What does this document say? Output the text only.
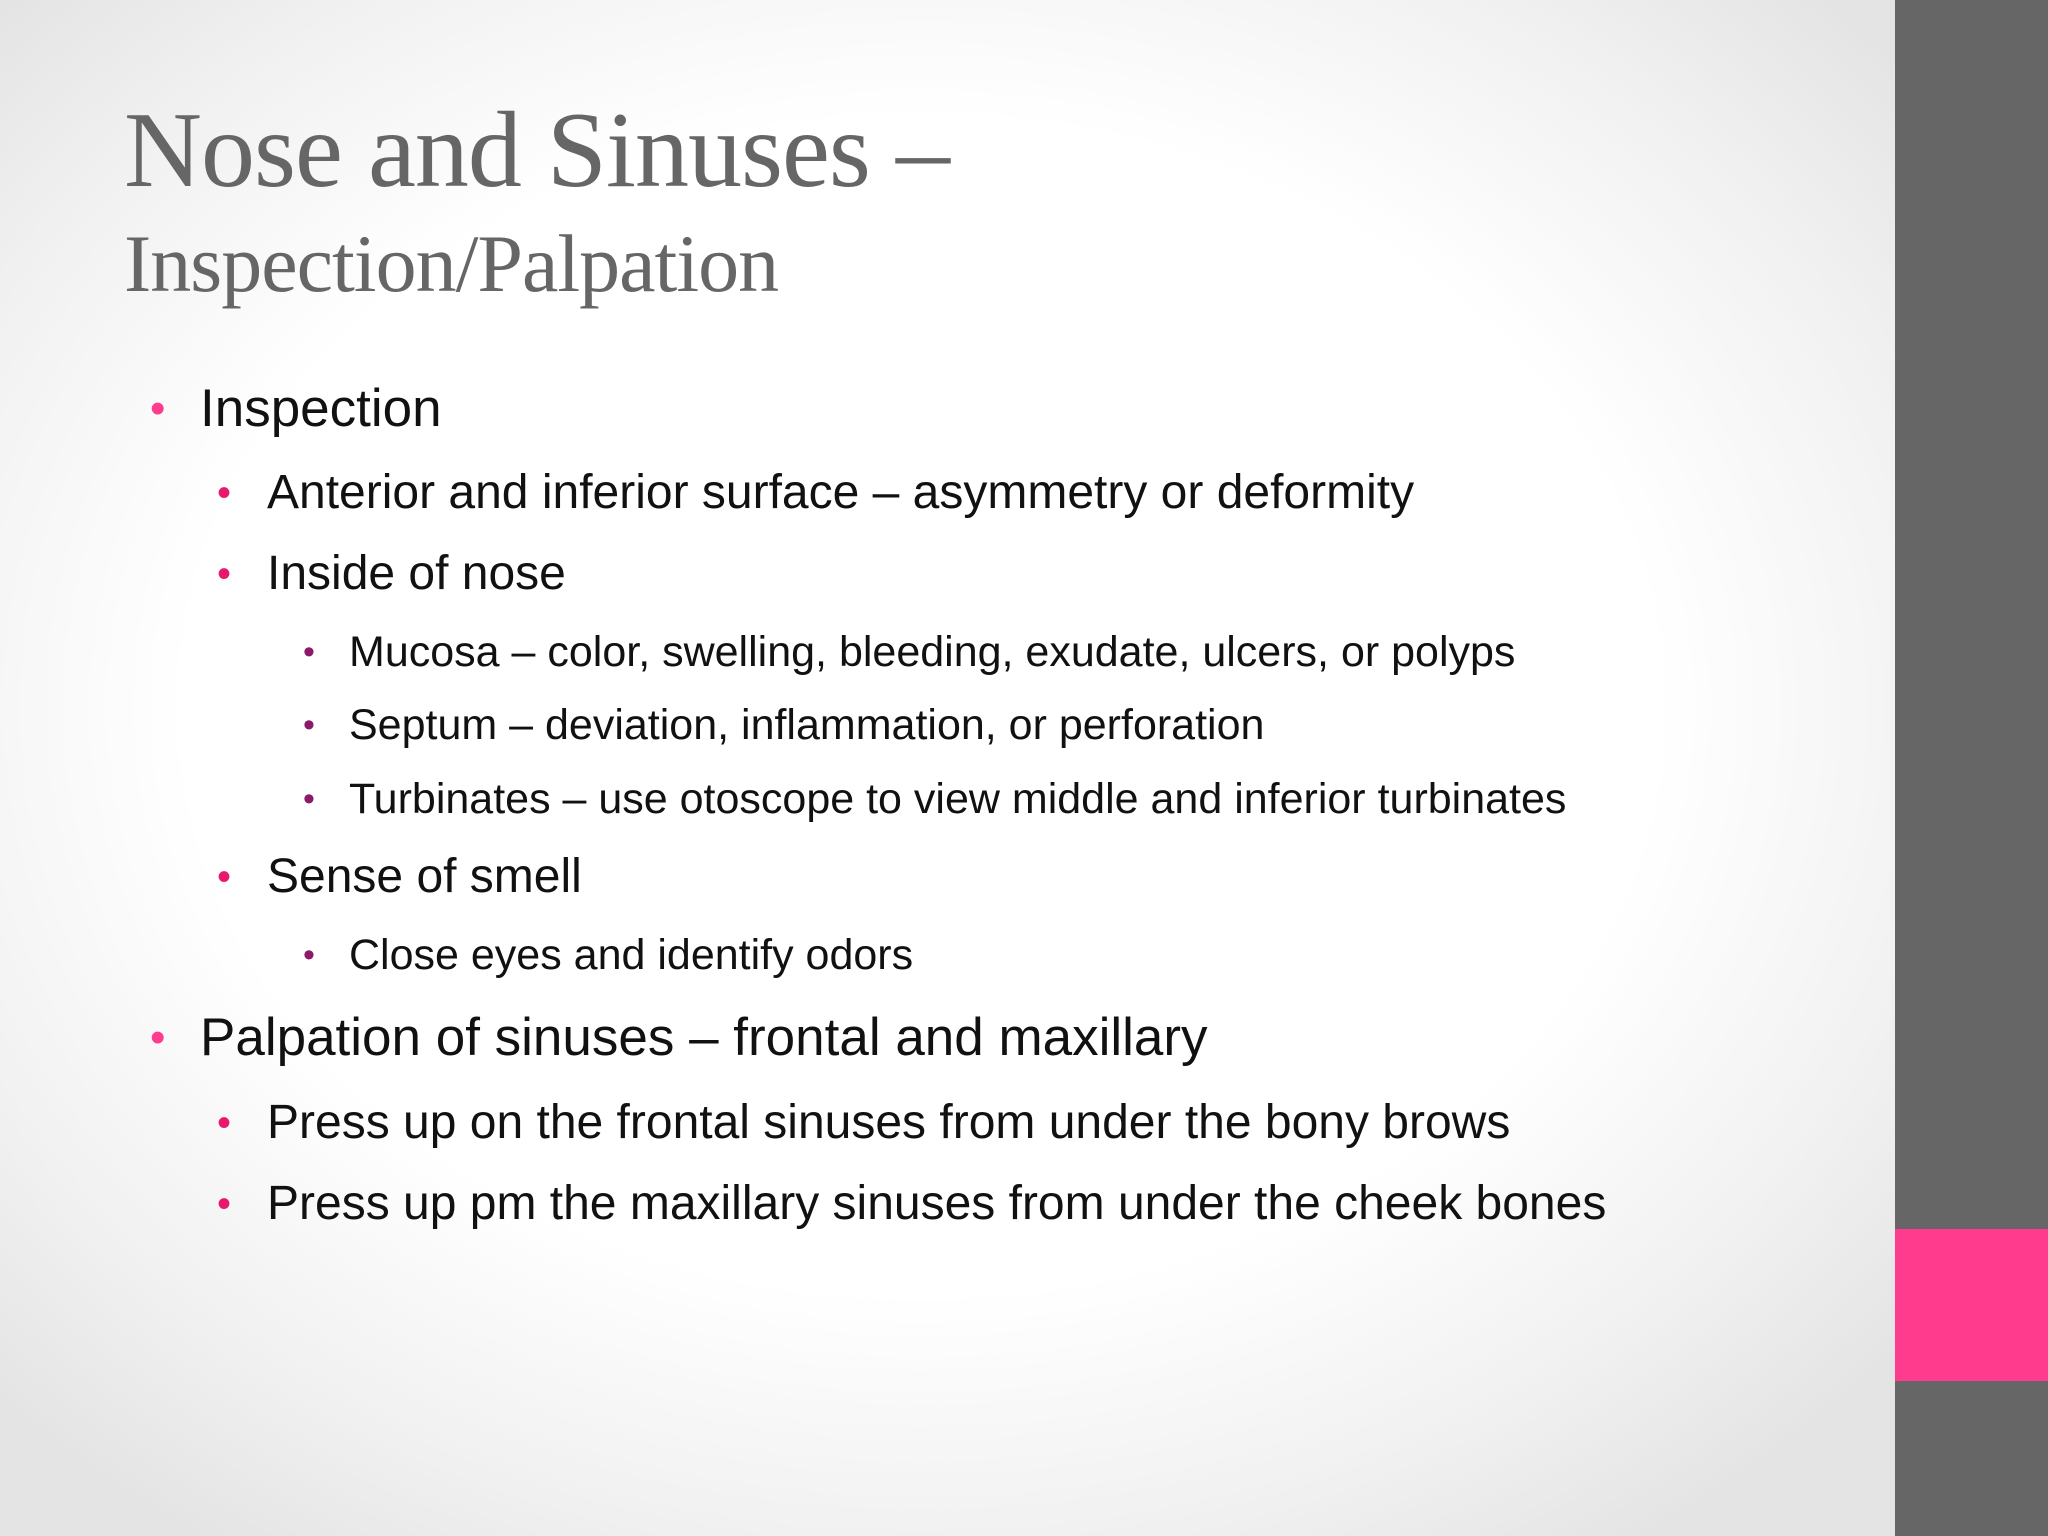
Nose and Sinuses –
Inspection/Palpation
• Inspection
• Anterior and inferior surface – asymmetry or deformity
• Inside of nose
• Mucosa – color, swelling, bleeding, exudate, ulcers, or polyps
• Septum – deviation, inflammation, or perforation
• Turbinates – use otoscope to view middle and inferior turbinates
• Sense of smell
• Close eyes and identify odors
• Palpation of sinuses – frontal and maxillary
• Press up on the frontal sinuses from under the bony brows
• Press up pm the maxillary sinuses from under the cheek bones
